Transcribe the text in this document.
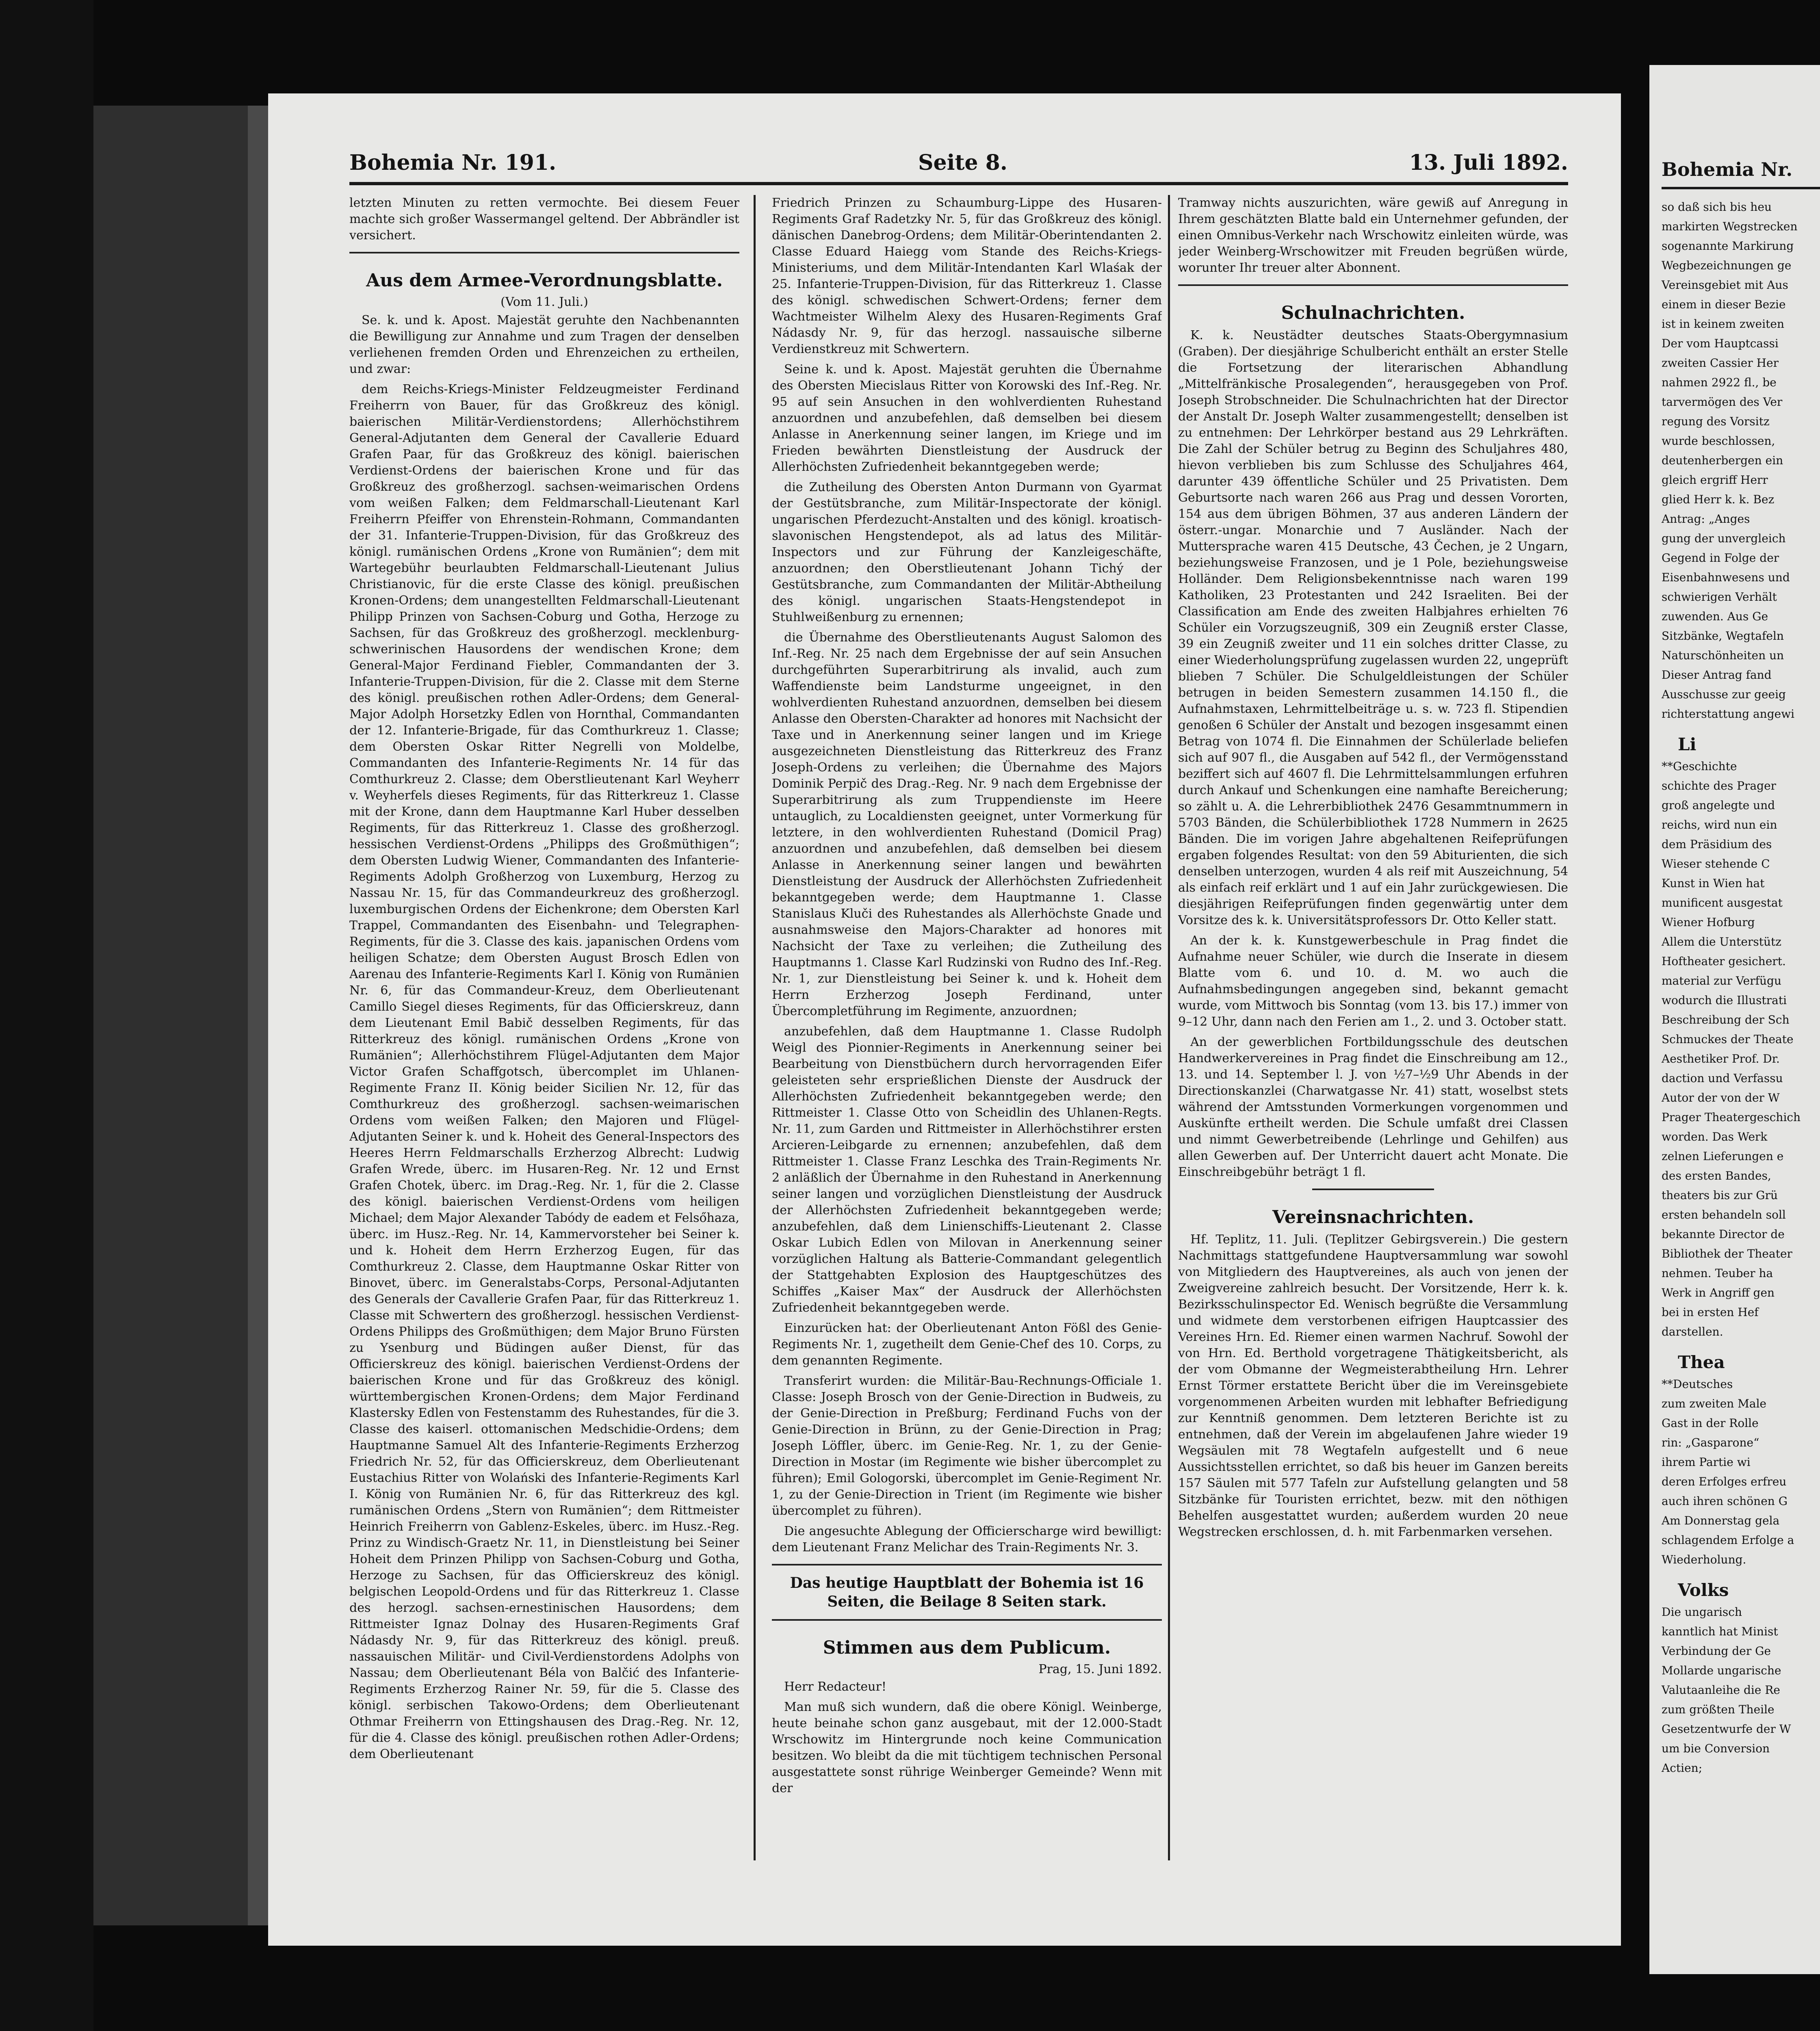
Bohemia Nr. 191.	Seite 8.	13. Juli 1892.

letzten Minuten zu retten vermochte. Bei diesem Feuer machte sich großer Wassermangel geltend. Der Abbrändler ist versichert.

Aus dem Armee-Verordnungsblatte.
(Vom 11. Juli.)

Se. k. und k. Apost. Majestät geruhte den Nachbenannten die Bewilligung zur Annahme und zum Tragen der denselben verliehenen fremden Orden und Ehrenzeichen zu ertheilen, und zwar:

dem Reichs-Kriegs-Minister Feldzeugmeister Ferdinand Freiherrn von Bauer, für das Großkreuz des königl. baierischen Militär-Verdienstordens; Allerhöchstihrem General-Adjutanten dem General der Cavallerie Eduard Grafen Paar, für das Großkreuz des königl. baierischen Verdienst-Ordens der baierischen Krone und für das Großkreuz des großherzogl. sachsen-weimarischen Ordens vom weißen Falken; dem Feldmarschall-Lieutenant Karl Freiherrn Pfeiffer von Ehrenstein-Rohmann, Commandanten der 31. Infanterie-Truppen-Division, für das Großkreuz des königl. rumänischen Ordens „Krone von Rumänien“; dem mit Wartegebühr beurlaubten Feldmarschall-Lieutenant Julius Christianovic, für die erste Classe des königl. preußischen Kronen-Ordens; dem unangestellten Feldmarschall-Lieutenant Philipp Prinzen von Sachsen-Coburg und Gotha, Herzoge zu Sachsen, für das Großkreuz des großherzogl. mecklenburg-schwerinischen Hausordens der wendischen Krone; dem General-Major Ferdinand Fiebler, Commandanten der 3. Infanterie-Truppen-Division, für die 2. Classe mit dem Sterne des königl. preußischen rothen Adler-Ordens; dem General-Major Adolph Horsetzky Edlen von Hornthal, Commandanten der 12. Infanterie-Brigade, für das Comthurkreuz 1. Classe; dem Obersten Oskar Ritter Negrelli von Moldelbe, Commandanten des Infanterie-Regiments Nr. 14 für das Comthurkreuz 2. Classe; dem Oberstlieutenant Karl Weyherr v. Weyherfels dieses Regiments, für das Ritterkreuz 1. Classe mit der Krone, dann dem Hauptmanne Karl Huber desselben Regiments, für das Ritterkreuz 1. Classe des großherzogl. hessischen Verdienst-Ordens „Philipps des Großmüthigen“; dem Obersten Ludwig Wiener, Commandanten des Infanterie-Regiments Adolph Großherzog von Luxemburg, Herzog zu Nassau Nr. 15, für das Commandeurkreuz des großherzogl. luxemburgischen Ordens der Eichenkrone; dem Obersten Karl Trappel, Commandanten des Eisenbahn- und Telegraphen-Regiments, für die 3. Classe des kais. japanischen Ordens vom heiligen Schatze; dem Obersten August Brosch Edlen von Aarenau des Infanterie-Regiments Karl I. König von Rumänien Nr. 6, für das Commandeur-Kreuz, dem Oberlieutenant Camillo Siegel dieses Regiments, für das Officierskreuz, dann dem Lieutenant Emil Babič desselben Regiments, für das Ritterkreuz des königl. rumänischen Ordens „Krone von Rumänien“; Allerhöchstihrem Flügel-Adjutanten dem Major Victor Grafen Schaffgotsch, übercomplet im Uhlanen-Regimente Franz II. König beider Sicilien Nr. 12, für das Comthurkreuz des großherzogl. sachsen-weimarischen Ordens vom weißen Falken; den Majoren und Flügel-Adjutanten Seiner k. und k. Hoheit des General-Inspectors des Heeres Herrn Feldmarschalls Erzherzog Albrecht: Ludwig Grafen Wrede, überc. im Husaren-Reg. Nr. 12 und Ernst Grafen Chotek, überc. im Drag.-Reg. Nr. 1, für die 2. Classe des königl. baierischen Verdienst-Ordens vom heiligen Michael; dem Major Alexander Tabódy de eadem et Felsőhaza, überc. im Husz.-Reg. Nr. 14, Kammervorsteher bei Seiner k. und k. Hoheit dem Herrn Erzherzog Eugen, für das Comthurkreuz 2. Classe, dem Hauptmanne Oskar Ritter von Binovet, überc. im Generalstabs-Corps, Personal-Adjutanten des Generals der Cavallerie Grafen Paar, für das Ritterkreuz 1. Classe mit Schwertern des großherzogl. hessischen Verdienst-Ordens Philipps des Großmüthigen; dem Major Bruno Fürsten zu Ysenburg und Büdingen außer Dienst, für das Officierskreuz des königl. baierischen Verdienst-Ordens der baierischen Krone und für das Großkreuz des königl. württembergischen Kronen-Ordens; dem Major Ferdinand Klastersky Edlen von Festenstamm des Ruhestandes, für die 3. Classe des kaiserl. ottomanischen Medschidie-Ordens; dem Hauptmanne Samuel Alt des Infanterie-Regiments Erzherzog Friedrich Nr. 52, für das Officierskreuz, dem Oberlieutenant Eustachius Ritter von Wolański des Infanterie-Regiments Karl I. König von Rumänien Nr. 6, für das Ritterkreuz des kgl. rumänischen Ordens „Stern von Rumänien“; dem Rittmeister Heinrich Freiherrn von Gablenz-Eskeles, überc. im Husz.-Reg. Prinz zu Windisch-Graetz Nr. 11, in Dienstleistung bei Seiner Hoheit dem Prinzen Philipp von Sachsen-Coburg und Gotha, Herzoge zu Sachsen, für das Officierskreuz des königl. belgischen Leopold-Ordens und für das Ritterkreuz 1. Classe des herzogl. sachsen-ernestinischen Hausordens; dem Rittmeister Ignaz Dolnay des Husaren-Regiments Graf Nádasdy Nr. 9, für das Ritterkreuz des königl. preuß. nassauischen Militär- und Civil-Verdienstordens Adolphs von Nassau; dem Oberlieutenant Béla von Balčić des Infanterie-Regiments Erzherzog Rainer Nr. 59, für die 5. Classe des königl. serbischen Takowo-Ordens; dem Oberlieutenant Othmar Freiherrn von Ettingshausen des Drag.-Reg. Nr. 12, für die 4. Classe des königl. preußischen rothen Adler-Ordens; dem Oberlieutenant

Friedrich Prinzen zu Schaumburg-Lippe des Husaren-Regiments Graf Radetzky Nr. 5, für das Großkreuz des königl. dänischen Danebrog-Ordens; dem Militär-Oberintendanten 2. Classe Eduard Haiegg vom Stande des Reichs-Kriegs-Ministeriums, und dem Militär-Intendanten Karl Wlaśak der 25. Infanterie-Truppen-Division, für das Ritterkreuz 1. Classe des königl. schwedischen Schwert-Ordens; ferner dem Wachtmeister Wilhelm Alexy des Husaren-Regiments Graf Nádasdy Nr. 9, für das herzogl. nassauische silberne Verdienstkreuz mit Schwertern.

Seine k. und k. Apost. Majestät geruhten die Übernahme des Obersten Miecislaus Ritter von Korowski des Inf.-Reg. Nr. 95 auf sein Ansuchen in den wohlverdienten Ruhestand anzuordnen und anzubefehlen, daß demselben bei diesem Anlasse in Anerkennung seiner langen, im Kriege und im Frieden bewährten Dienstleistung der Ausdruck der Allerhöchsten Zufriedenheit bekanntgegeben werde;

die Zutheilung des Obersten Anton Durmann von Gyarmat der Gestütsbranche, zum Militär-Inspectorate der königl. ungarischen Pferdezucht-Anstalten und des königl. kroatisch-slavonischen Hengstendepot, als ad latus des Militär-Inspectors und zur Führung der Kanzleigeschäfte, anzuordnen; den Oberstlieutenant Johann Tichý der Gestütsbranche, zum Commandanten der Militär-Abtheilung des königl. ungarischen Staats-Hengstendepot in Stuhlweißenburg zu ernennen;

die Übernahme des Oberstlieutenants August Salomon des Inf.-Reg. Nr. 25 nach dem Ergebnisse der auf sein Ansuchen durchgeführten Superarbitrirung als invalid, auch zum Waffendienste beim Landsturme ungeeignet, in den wohlverdienten Ruhestand anzuordnen, demselben bei diesem Anlasse den Obersten-Charakter ad honores mit Nachsicht der Taxe und in Anerkennung seiner langen und im Kriege ausgezeichneten Dienstleistung das Ritterkreuz des Franz Joseph-Ordens zu verleihen; die Übernahme des Majors Dominik Perpič des Drag.-Reg. Nr. 9 nach dem Ergebnisse der Superarbitrirung als zum Truppendienste im Heere untauglich, zu Localdiensten geeignet, unter Vormerkung für letztere, in den wohlverdienten Ruhestand (Domicil Prag) anzuordnen und anzubefehlen, daß demselben bei diesem Anlasse in Anerkennung seiner langen und bewährten Dienstleistung der Ausdruck der Allerhöchsten Zufriedenheit bekanntgegeben werde; dem Hauptmanne 1. Classe Stanislaus Kluči des Ruhestandes als Allerhöchste Gnade und ausnahmsweise den Majors-Charakter ad honores mit Nachsicht der Taxe zu verleihen; die Zutheilung des Hauptmanns 1. Classe Karl Rudzinski von Rudno des Inf.-Reg. Nr. 1, zur Dienstleistung bei Seiner k. und k. Hoheit dem Herrn Erzherzog Joseph Ferdinand, unter Übercompletführung im Regimente, anzuordnen;

anzubefehlen, daß dem Hauptmanne 1. Classe Rudolph Weigl des Pionnier-Regiments in Anerkennung seiner bei Bearbeitung von Dienstbüchern durch hervorragenden Eifer geleisteten sehr ersprießlichen Dienste der Ausdruck der Allerhöchsten Zufriedenheit bekanntgegeben werde; den Rittmeister 1. Classe Otto von Scheidlin des Uhlanen-Regts. Nr. 11, zum Garden und Rittmeister in Allerhöchstihrer ersten Arcieren-Leibgarde zu ernennen; anzubefehlen, daß dem Rittmeister 1. Classe Franz Leschka des Train-Regiments Nr. 2 anläßlich der Übernahme in den Ruhestand in Anerkennung seiner langen und vorzüglichen Dienstleistung der Ausdruck der Allerhöchsten Zufriedenheit bekanntgegeben werde; anzubefehlen, daß dem Linienschiffs-Lieutenant 2. Classe Oskar Lubich Edlen von Milovan in Anerkennung seiner vorzüglichen Haltung als Batterie-Commandant gelegentlich der Stattgehabten Explosion des Hauptgeschützes des Schiffes „Kaiser Max“ der Ausdruck der Allerhöchsten Zufriedenheit bekanntgegeben werde.

Einzurücken hat: der Oberlieutenant Anton Fößl des Genie-Regiments Nr. 1, zugetheilt dem Genie-Chef des 10. Corps, zu dem genannten Regimente.

Transferirt wurden: die Militär-Bau-Rechnungs-Officiale 1. Classe: Joseph Brosch von der Genie-Direction in Budweis, zu der Genie-Direction in Preßburg; Ferdinand Fuchs von der Genie-Direction in Brünn, zu der Genie-Direction in Prag; Joseph Löffler, überc. im Genie-Reg. Nr. 1, zu der Genie-Direction in Mostar (im Regimente wie bisher übercomplet zu führen); Emil Gologorski, übercomplet im Genie-Regiment Nr. 1, zu der Genie-Direction in Trient (im Regimente wie bisher übercomplet zu führen).

Die angesuchte Ablegung der Officierscharge wird bewilligt: dem Lieutenant Franz Melichar des Train-Regiments Nr. 3.

Das heutige Hauptblatt der Bohemia ist 16 Seiten, die Beilage 8 Seiten stark.
Stimmen aus dem Publicum.
Prag, 15. Juni 1892.

Herr Redacteur!

Man muß sich wundern, daß die obere Königl. Weinberge, heute beinahe schon ganz ausgebaut, mit der 12.000-Stadt Wrschowitz im Hintergrunde noch keine Communication besitzen. Wo bleibt da die mit tüchtigem technischen Personal ausgestattete sonst rührige Weinberger Gemeinde? Wenn mit der

Tramway nichts auszurichten, wäre gewiß auf Anregung in Ihrem geschätzten Blatte bald ein Unternehmer gefunden, der einen Omnibus-Verkehr nach Wrschowitz einleiten würde, was jeder Weinberg-Wrschowitzer mit Freuden begrüßen würde, worunter Ihr treuer alter Abonnent.

Schulnachrichten.

K. k. Neustädter deutsches Staats-Obergymnasium (Graben). Der diesjährige Schulbericht enthält an erster Stelle die Fortsetzung der literarischen Abhandlung „Mittelfränkische Prosalegenden“, herausgegeben von Prof. Joseph Strobschneider. Die Schulnachrichten hat der Director der Anstalt Dr. Joseph Walter zusammengestellt; denselben ist zu entnehmen: Der Lehrkörper bestand aus 29 Lehrkräften. Die Zahl der Schüler betrug zu Beginn des Schuljahres 480, hievon verblieben bis zum Schlusse des Schuljahres 464, darunter 439 öffentliche Schüler und 25 Privatisten. Dem Geburtsorte nach waren 266 aus Prag und dessen Vororten, 154 aus dem übrigen Böhmen, 37 aus anderen Ländern der österr.-ungar. Monarchie und 7 Ausländer. Nach der Muttersprache waren 415 Deutsche, 43 Čechen, je 2 Ungarn, beziehungsweise Franzosen, und je 1 Pole, beziehungsweise Holländer. Dem Religionsbekenntnisse nach waren 199 Katholiken, 23 Protestanten und 242 Israeliten. Bei der Classification am Ende des zweiten Halbjahres erhielten 76 Schüler ein Vorzugszeugniß, 309 ein Zeugniß erster Classe, 39 ein Zeugniß zweiter und 11 ein solches dritter Classe, zu einer Wiederholungsprüfung zugelassen wurden 22, ungeprüft blieben 7 Schüler. Die Schulgeldleistungen der Schüler betrugen in beiden Semestern zusammen 14.150 fl., die Aufnahmstaxen, Lehrmittelbeiträge u. s. w. 723 fl. Stipendien genoßen 6 Schüler der Anstalt und bezogen insgesammt einen Betrag von 1074 fl. Die Einnahmen der Schülerlade beliefen sich auf 907 fl., die Ausgaben auf 542 fl., der Vermögensstand beziffert sich auf 4607 fl. Die Lehrmittelsammlungen erfuhren durch Ankauf und Schenkungen eine namhafte Bereicherung; so zählt u. A. die Lehrerbibliothek 2476 Gesammtnummern in 5703 Bänden, die Schülerbibliothek 1728 Nummern in 2625 Bänden. Die im vorigen Jahre abgehaltenen Reifeprüfungen ergaben folgendes Resultat: von den 59 Abiturienten, die sich denselben unterzogen, wurden 4 als reif mit Auszeichnung, 54 als einfach reif erklärt und 1 auf ein Jahr zurückgewiesen. Die diesjährigen Reifeprüfungen finden gegenwärtig unter dem Vorsitze des k. k. Universitätsprofessors Dr. Otto Keller statt.

An der k. k. Kunstgewerbeschule in Prag findet die Aufnahme neuer Schüler, wie durch die Inserate in diesem Blatte vom 6. und 10. d. M. wo auch die Aufnahmsbedingungen angegeben sind, bekannt gemacht wurde, vom Mittwoch bis Sonntag (vom 13. bis 17.) immer von 9–12 Uhr, dann nach den Ferien am 1., 2. und 3. October statt.

An der gewerblichen Fortbildungsschule des deutschen Handwerkervereines in Prag findet die Einschreibung am 12., 13. und 14. September l. J. von ½7–½9 Uhr Abends in der Directionskanzlei (Charwatgasse Nr. 41) statt, woselbst stets während der Amtsstunden Vormerkungen vorgenommen und Auskünfte ertheilt werden. Die Schule umfaßt drei Classen und nimmt Gewerbetreibende (Lehrlinge und Gehilfen) aus allen Gewerben auf. Der Unterricht dauert acht Monate. Die Einschreibgebühr beträgt 1 fl.

Vereinsnachrichten.

Hf. Teplitz, 11. Juli. (Teplitzer Gebirgsverein.) Die gestern Nachmittags stattgefundene Hauptversammlung war sowohl von Mitgliedern des Hauptvereines, als auch von jenen der Zweigvereine zahlreich besucht. Der Vorsitzende, Herr k. k. Bezirksschulinspector Ed. Wenisch begrüßte die Versammlung und widmete dem verstorbenen eifrigen Hauptcassier des Vereines Hrn. Ed. Riemer einen warmen Nachruf. Sowohl der von Hrn. Ed. Berthold vorgetragene Thätigkeitsbericht, als der vom Obmanne der Wegmeisterabtheilung Hrn. Lehrer Ernst Törmer erstattete Bericht über die im Vereinsgebiete vorgenommenen Arbeiten wurden mit lebhafter Befriedigung zur Kenntniß genommen. Dem letzteren Berichte ist zu entnehmen, daß der Verein im abgelaufenen Jahre wieder 19 Wegsäulen mit 78 Wegtafeln aufgestellt und 6 neue Aussichtsstellen errichtet, so daß bis heuer im Ganzen bereits 157 Säulen mit 577 Tafeln zur Aufstellung gelangten und 58 Sitzbänke für Touristen errichtet, bezw. mit den nöthigen Behelfen ausgestattet wurden; außerdem wurden 20 neue Wegstrecken erschlossen, d. h. mit Farbenmarken versehen.

Bohemia Nr.

so daß sich bis heu

markirten Wegstrecken

sogenannte Markirung

Wegbezeichnungen ge

Vereinsgebiet mit Aus

einem in dieser Bezie

ist in keinem zweiten

Der vom Hauptcassi

zweiten Cassier Her

nahmen 2922 fl., be

tarvermögen des Ver

regung des Vorsitz

wurde beschlossen,

deutenherbergen ein

gleich ergriff Herr

glied Herr k. k. Bez

Antrag: „Anges

gung der unvergleich

Gegend in Folge der

Eisenbahnwesens und

schwierigen Verhält

zuwenden. Aus Ge

Sitzbänke, Wegtafeln

Naturschönheiten un

Dieser Antrag fand

Ausschusse zur geeig

richterstattung angewi

Li

**Geschichte

schichte des Prager

groß angelegte und

reichs, wird nun ein

dem Präsidium des

Wieser stehende C

Kunst in Wien hat

munificent ausgestat

Wiener Hofburg

Allem die Unterstütz

Hoftheater gesichert.

material zur Verfügu

wodurch die Illustrati

Beschreibung der Sch

Schmuckes der Theate

Aesthetiker Prof. Dr.

daction und Verfassu

Autor der von der W

Prager Theatergeschich

worden. Das Werk

zelnen Lieferungen e

des ersten Bandes,

theaters bis zur Grü

ersten behandeln soll

bekannte Director de

Bibliothek der Theater

nehmen. Teuber ha

Werk in Angriff gen

bei in ersten Hef

darstellen.

Thea

**Deutsches

zum zweiten Male

Gast in der Rolle

rin: „Gasparone“

ihrem Partie wi

deren Erfolges erfreu

auch ihren schönen G

Am Donnerstag gela

schlagendem Erfolge a

Wiederholung.

Volks

Die ungarisch

kanntlich hat Minist

Verbindung der Ge

Mollarde ungarische

Valutaanleihe die Re

zum größten Theile

Gesetzentwurfe der W

um bie Conversion

Actien;
